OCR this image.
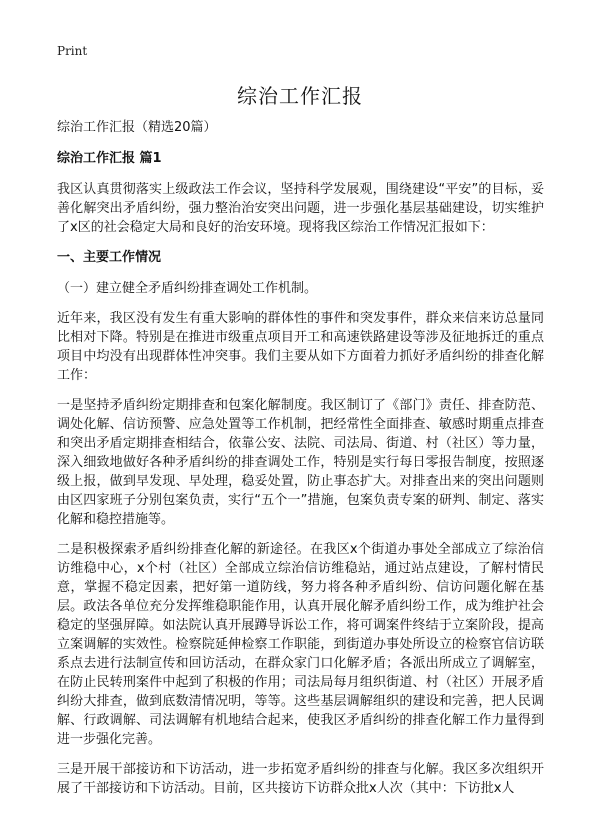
Print
综治工作汇报

综治工作汇报（精选20篇）

综治工作汇报 篇1

我区认真贯彻落实上级政法工作会议，坚持科学发展观，围绕建设“平安”的目标，妥善化解突出矛盾纠纷，强力整治治安突出问题，进一步强化基层基础建设，切实维护了x区的社会稳定大局和良好的治安环境。现将我区综治工作情况汇报如下：

一、主要工作情况

（一）建立健全矛盾纠纷排查调处工作机制。

近年来，我区没有发生有重大影响的群体性的事件和突发事件，群众来信来访总量同比相对下降。特别是在推进市级重点项目开工和高速铁路建设等涉及征地拆迁的重点项目中均没有出现群体性冲突事。我们主要从如下方面着力抓好矛盾纠纷的排查化解工作：

一是坚持矛盾纠纷定期排查和包案化解制度。我区制订了《部门》责任、排查防范、调处化解、信访预警、应急处置等工作机制，把经常性全面排查、敏感时期重点排查和突出矛盾定期排查相结合，依靠公安、法院、司法局、街道、村（社区）等力量，深入细致地做好各种矛盾纠纷的排查调处工作，特别是实行每日零报告制度，按照逐级上报，做到早发现、早处理，稳妥处置，防止事态扩大。对排查出来的突出问题则由区四家班子分别包案负责，实行“五个一”措施，包案负责专案的研判、制定、落实化解和稳控措施等。

二是积极探索矛盾纠纷排查化解的新途径。在我区x个街道办事处全部成立了综治信访维稳中心，x个村（社区）全部成立综治信访维稳站，通过站点建设，了解村情民意，掌握不稳定因素，把好第一道防线，努力将各种矛盾纠纷、信访问题化解在基层。政法各单位充分发挥维稳职能作用，认真开展化解矛盾纠纷工作，成为维护社会稳定的坚强屏障。如法院认真开展蹲导诉讼工作，将可调案件终结于立案阶段，提高立案调解的实效性。检察院延伸检察工作职能，到街道办事处所设立的检察官信访联系点去进行法制宣传和回访活动，在群众家门口化解矛盾；各派出所成立了调解室，在防止民转刑案件中起到了积极的作用；司法局每月组织街道、村（社区）开展矛盾纠纷大排查，做到底数清情况明，等等。这些基层调解组织的建设和完善，把人民调解、行政调解、司法调解有机地结合起来，使我区矛盾纠纷的排查化解工作力量得到进一步强化完善。

三是开展干部接访和下访活动，进一步拓宽矛盾纠纷的排查与化解。我区多次组织开展了干部接访和下访活动。目前，区共接访下访群众批x人次（其中：下访批x人
